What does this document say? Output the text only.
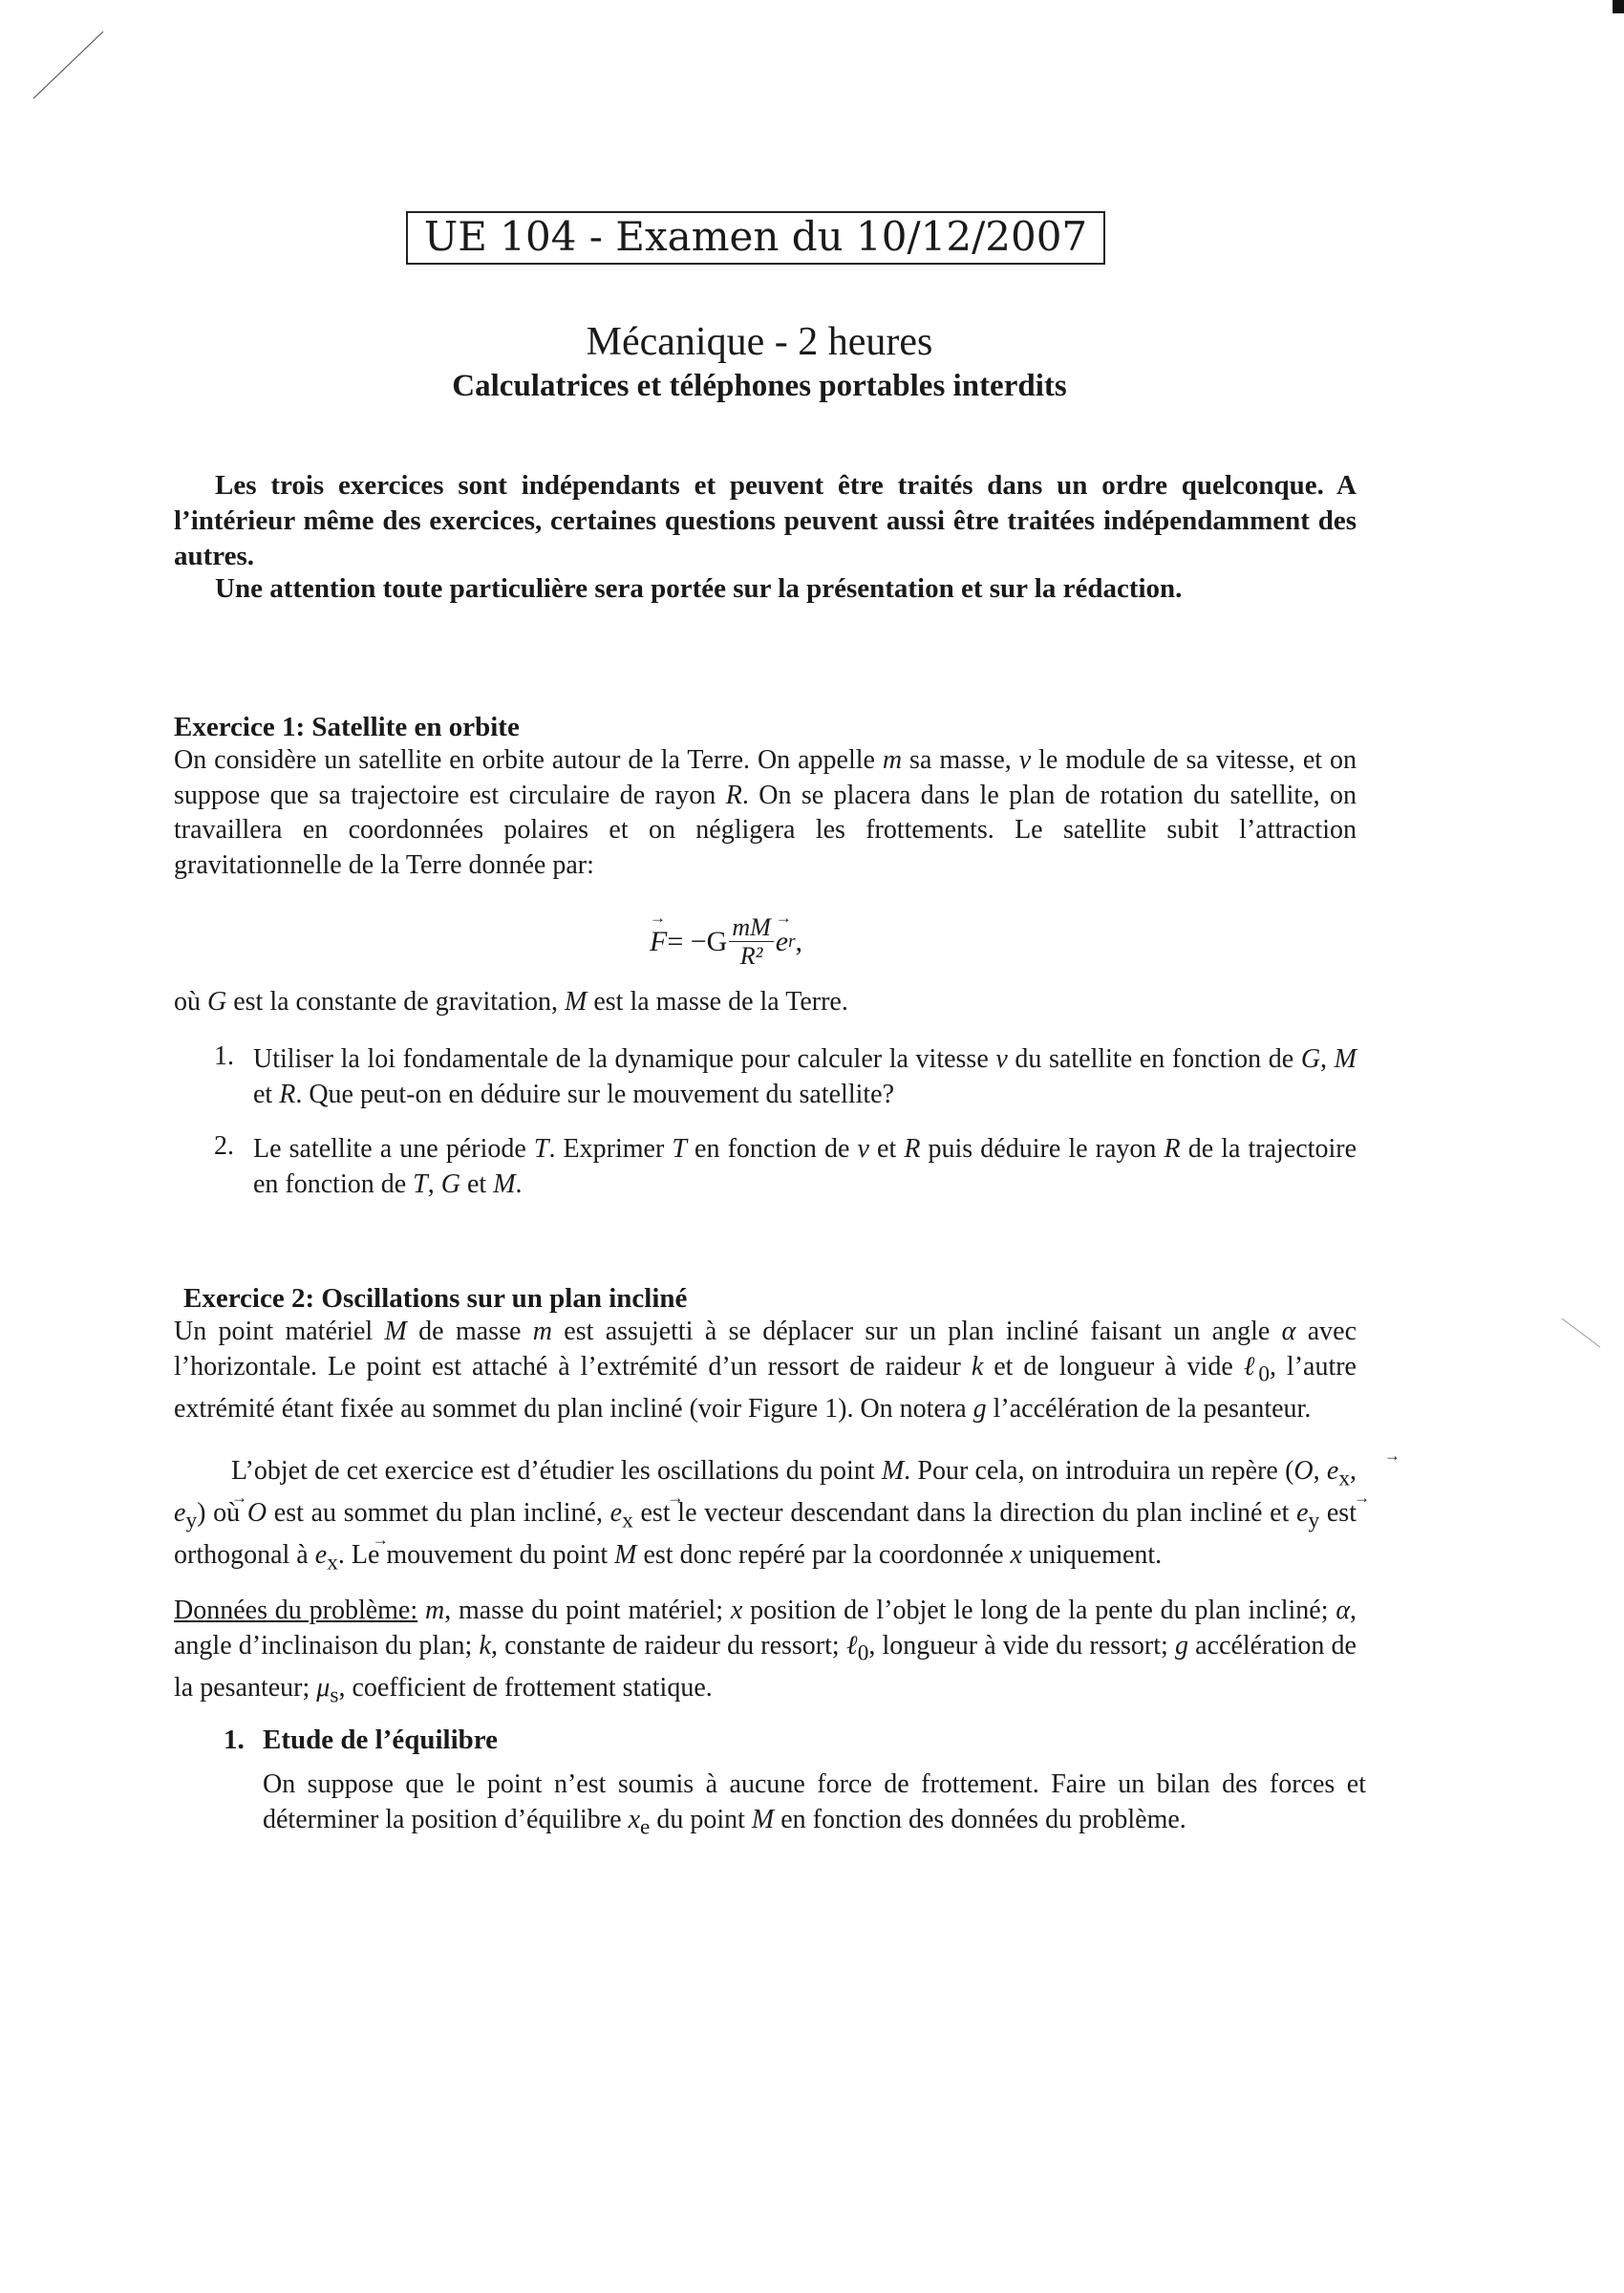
UE 104 - Examen du 10/12/2007
Mécanique - 2 heures
Calculatrices et téléphones portables interdits

Les trois exercices sont indépendants et peuvent être traités dans un ordre quelconque. A l’intérieur même des exercices, certaines questions peuvent aussi être traitées indépendamment des autres.

Une attention toute particulière sera portée sur la présentation et sur la rédaction.

Exercice 1: Satellite en orbite

On considère un satellite en orbite autour de la Terre. On appelle m sa masse, v le module de sa vitesse, et on suppose que sa trajectoire est circulaire de rayon R. On se placera dans le plan de rotation du satellite, on travaillera en coordonnées polaires et on négligera les frottements. Le satellite subit l’attraction gravitationnelle de la Terre donnée par:

→ $F = -G \frac{mM}{\text{R²}}$
→ e r ,

où G est la constante de gravitation, M est la masse de la Terre.

1. Utiliser la loi fondamentale de la dynamique pour calculer la vitesse v du satellite en fonction de G, M et R. Que peut-on en déduire sur le mouvement du satellite?

2. Le satellite a une période T. Exprimer T en fonction de v et R puis déduire le rayon R de la trajectoire en fonction de T, G et M.

Exercice 2: Oscillations sur un plan incliné

Un point matériel M de masse m est assujetti à se déplacer sur un plan incliné faisant un angle α avec l’horizontale. Le point est attaché à l’extrémité d’un ressort de raideur k et de longueur à vide ℓ$_0$, l’autre extrémité étant fixée au sommet du plan incliné (voir Figure 1). On notera g l’accélération de la pesanteur.

L’objet de cet exercice est d’étudier les oscillations du point M. Pour cela, on introduira un repère (O, → $e_x$, → $e_y$) où O est au sommet du plan incliné, → $e_x$ est le vecteur descendant dans la direction du plan incliné et → $e_y$ est orthogonal à → $e_x$. Le mouvement du point M est donc repéré par la coordonnée x uniquement.

Données du problème: m, masse du point matériel; x position de l’objet le long de la pente du plan incliné; α, angle d’inclinaison du plan; k, constante de raideur du ressort; ℓ$_0$, longueur à vide du ressort; g accélération de la pesanteur; $\mu_s$, coefficient de frottement statique.

1. Etude de l’équilibre

On suppose que le point n’est soumis à aucune force de frottement. Faire un bilan des forces et déterminer la position d’équilibre $x_e$ du point M en fonction des données du problème.
